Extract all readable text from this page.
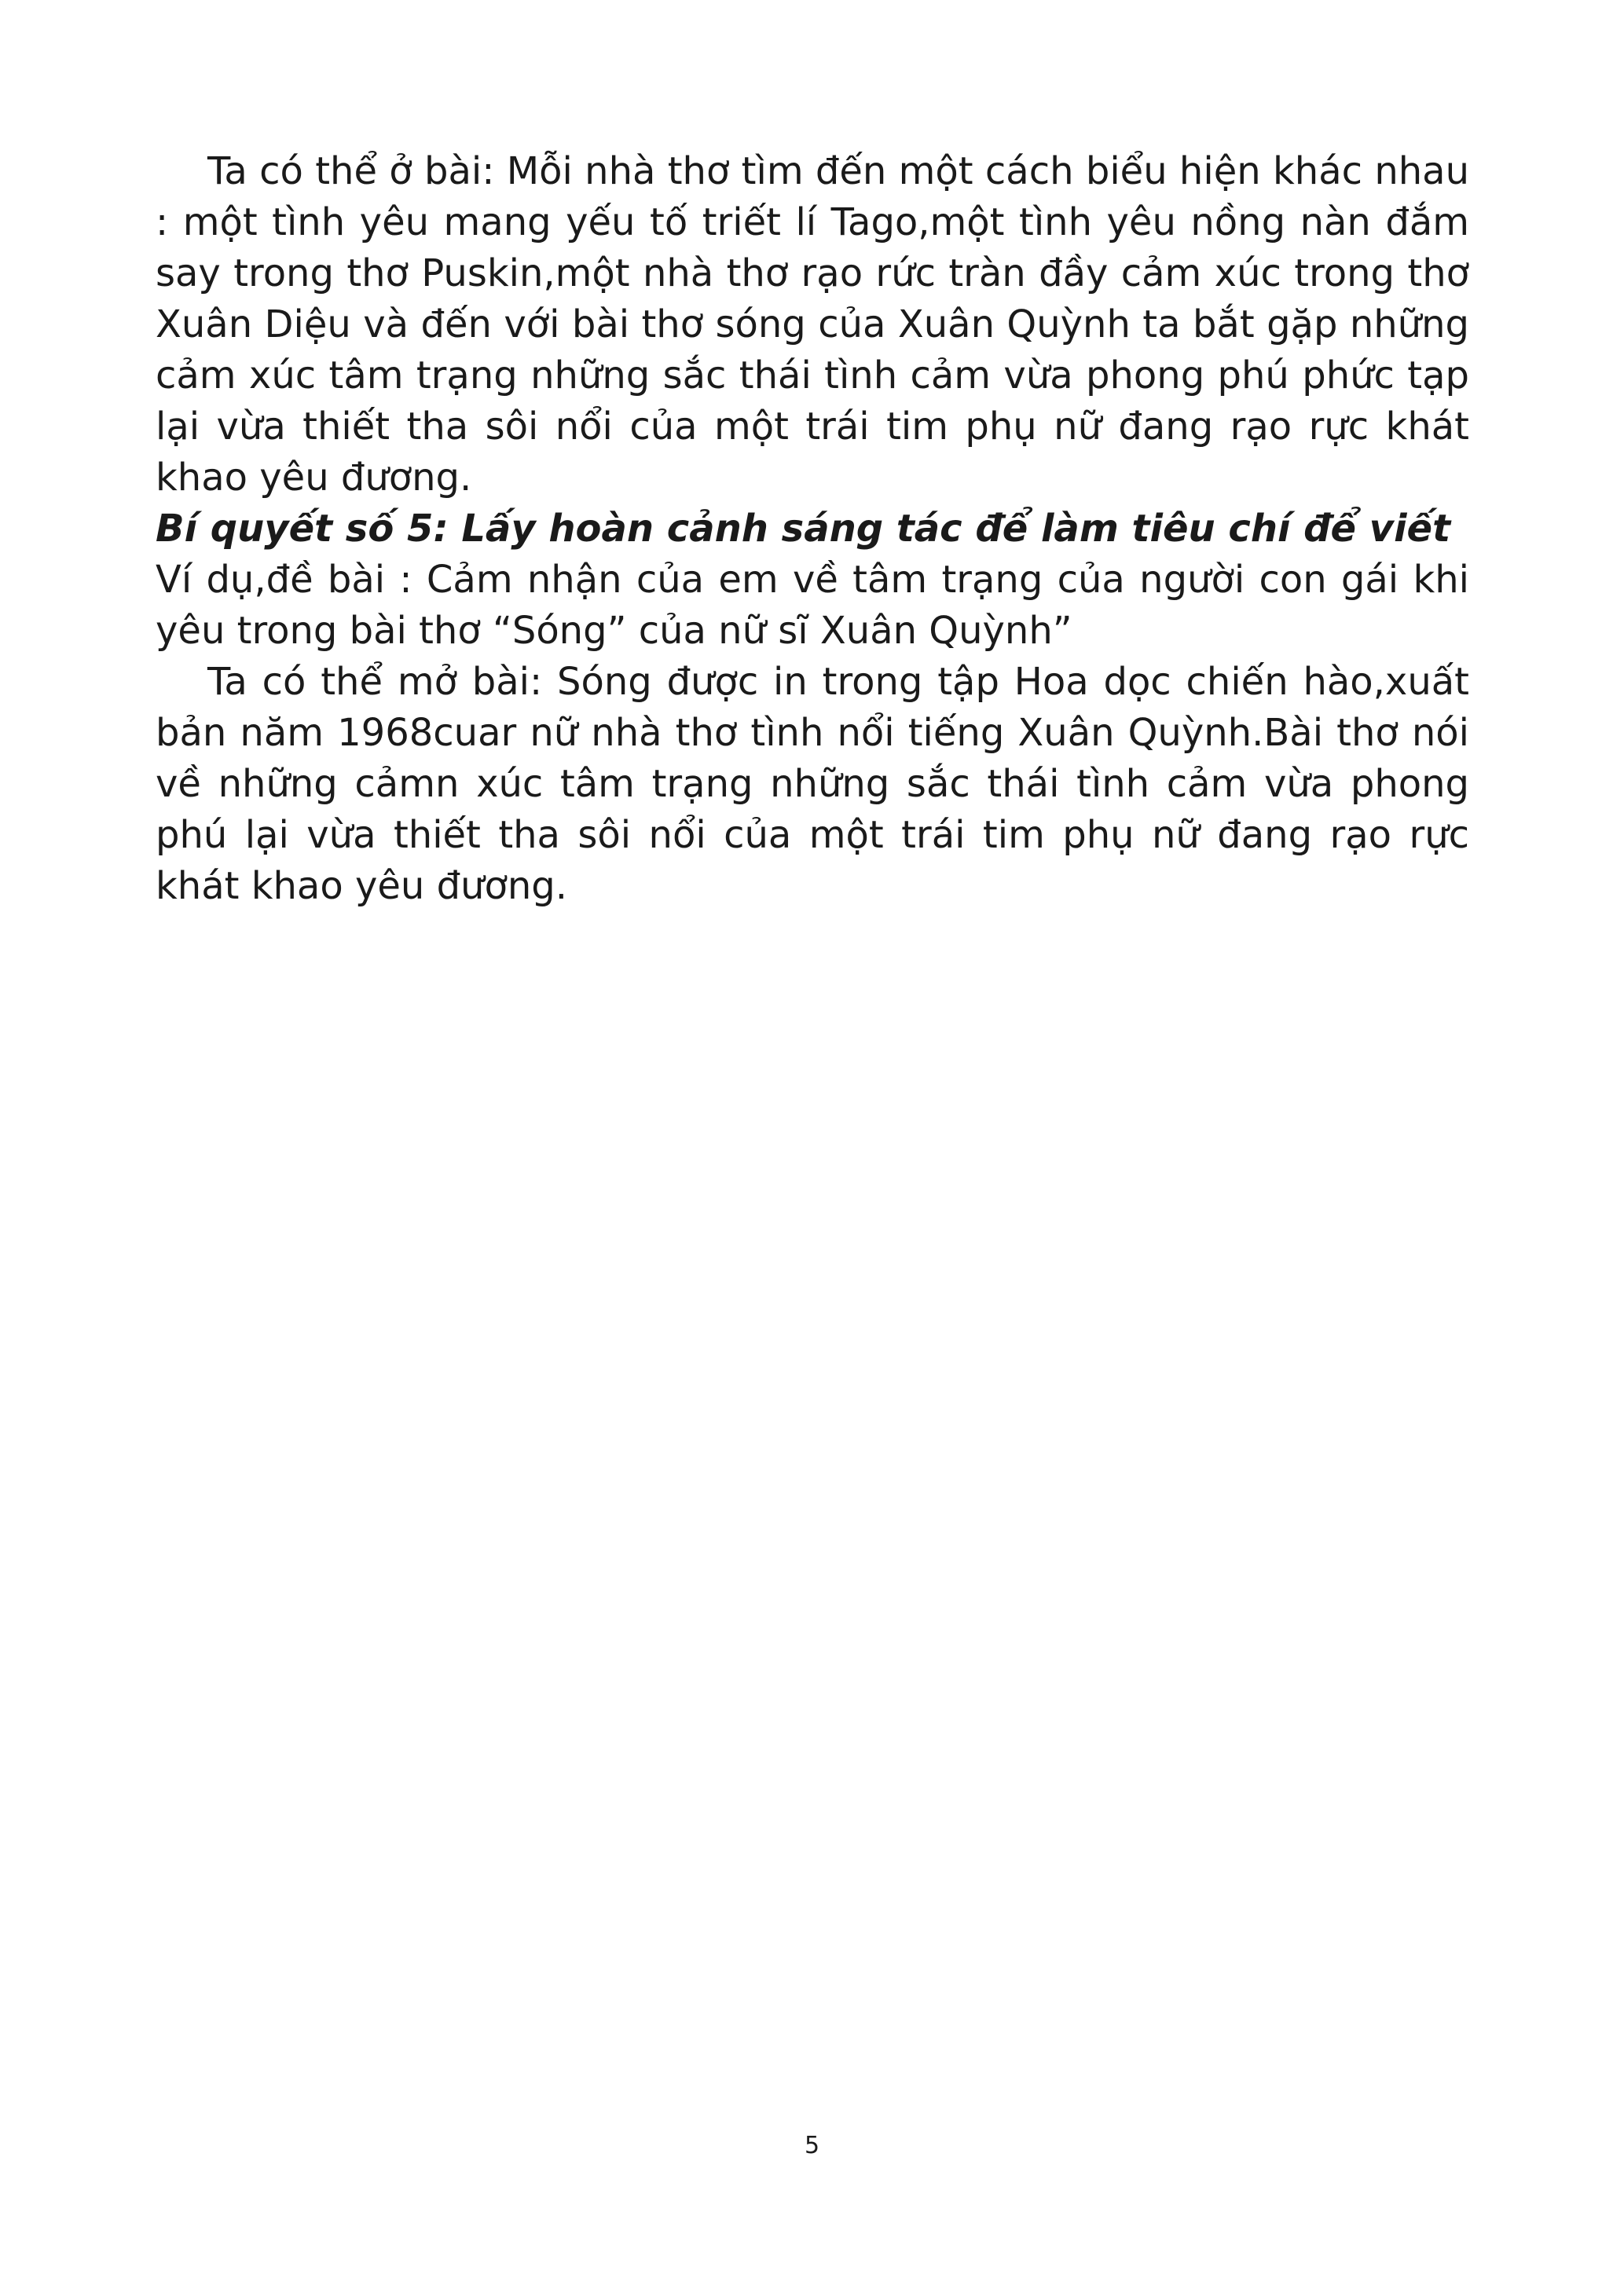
Ta có thể ở bài: Mỗi nhà thơ tìm đến một cách biểu hiện khác nhau : một tình yêu mang yếu tố triết lí Tago,một tình yêu nồng nàn đắm say trong thơ Puskin,một nhà thơ rạo rức tràn đầy cảm xúc trong thơ Xuân Diệu và đến với bài thơ sóng của Xuân Quỳnh ta bắt gặp những cảm xúc tâm trạng những sắc thái tình cảm vừa phong phú phức tạp lại vừa thiết tha sôi nổi của một trái tim phụ nữ đang rạo rực khát khao yêu đương.

Bí quyết số 5: Lấy hoàn cảnh sáng tác để làm tiêu chí để viết

Ví dụ,đề bài : Cảm nhận của em về tâm trạng của người con gái khi yêu trong bài thơ “Sóng” của nữ sĩ Xuân Quỳnh”

Ta có thể mở bài: Sóng được in trong tập Hoa dọc chiến hào,xuất bản năm 1968cuar nữ nhà thơ tình nổi tiếng Xuân Quỳnh.Bài thơ nói về những cảmn xúc tâm trạng những sắc thái tình cảm vừa phong phú lại vừa thiết tha sôi nổi của một trái tim phụ nữ đang rạo rực khát khao yêu đương.

5
